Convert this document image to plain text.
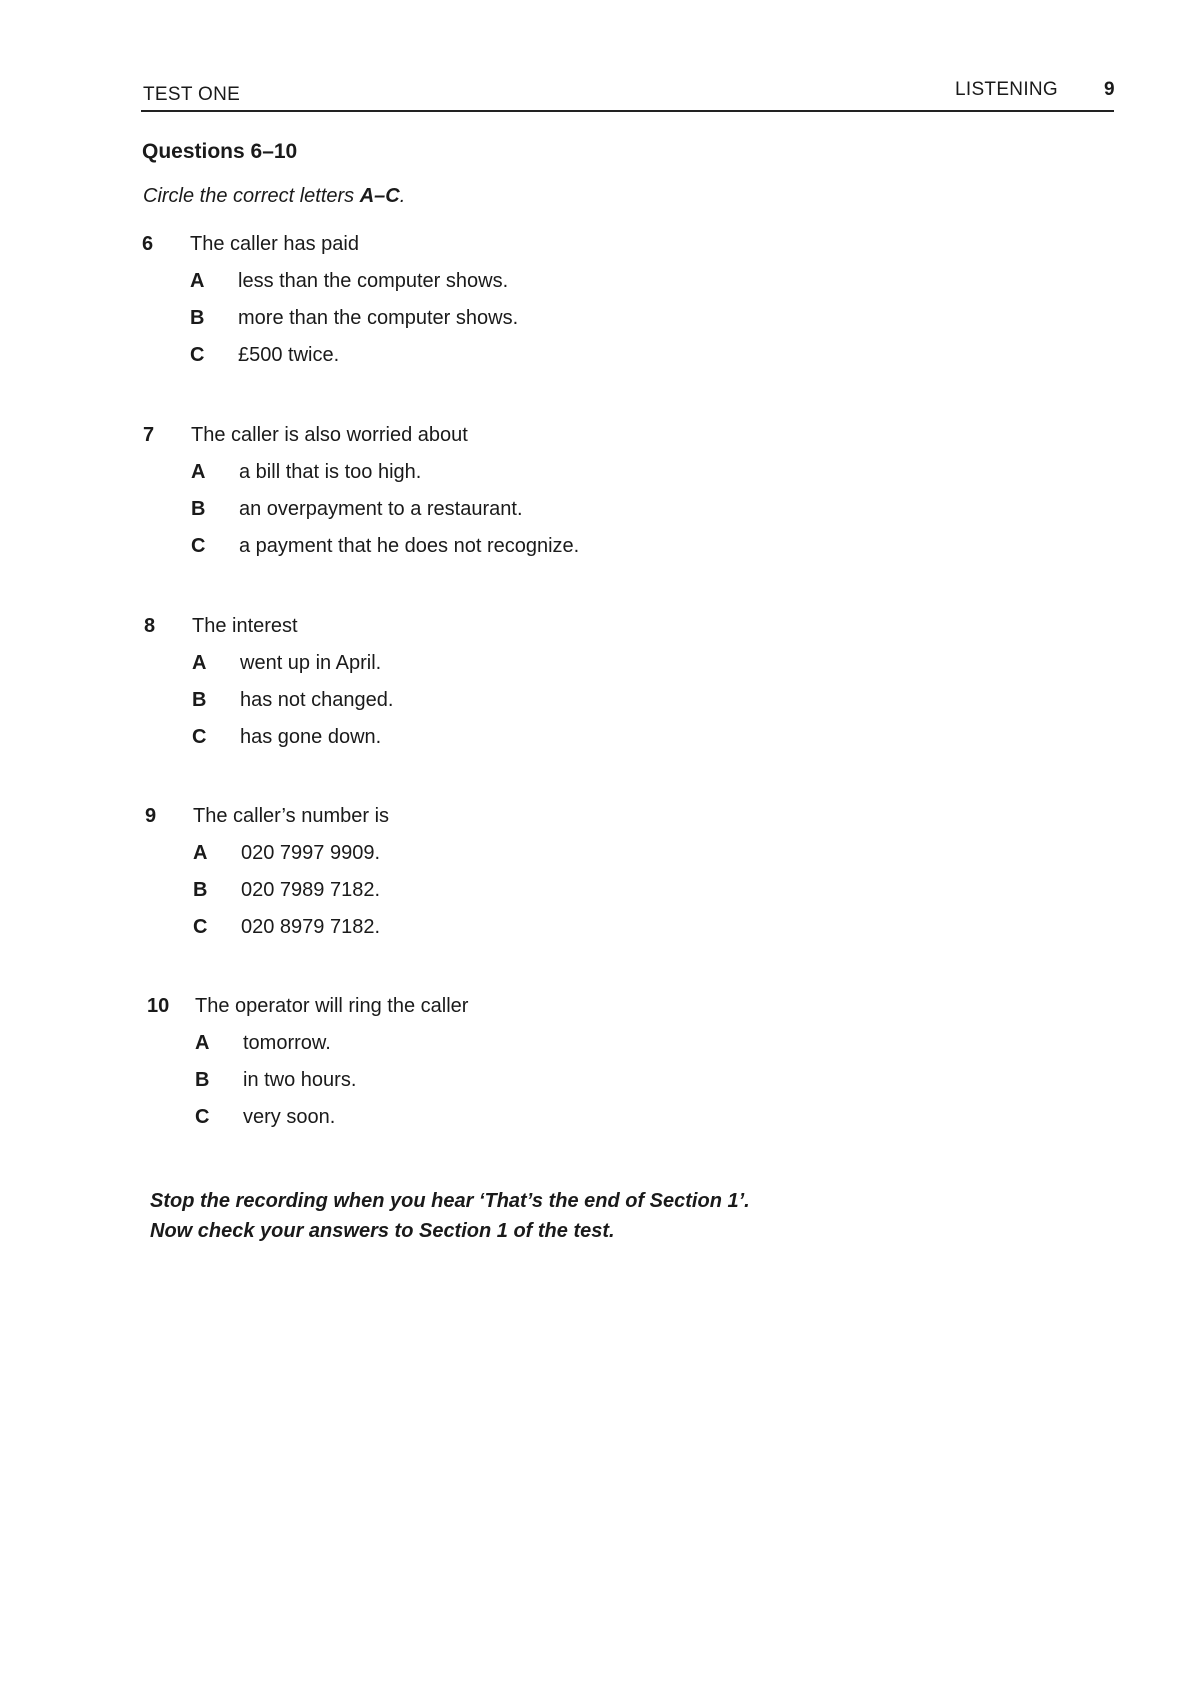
TEST ONE	LISTENING 9
Questions 6–10
Circle the correct letters A–C.
6	The caller has paid
A	less than the computer shows.
B	more than the computer shows.
C	£500 twice.
7	The caller is also worried about
A	a bill that is too high.
B	an overpayment to a restaurant.
C	a payment that he does not recognize.
8	The interest
A	went up in April.
B	has not changed.
C	has gone down.
9	The caller’s number is
A	020 7997 9909.
B	020 7989 7182.
C	020 8979 7182.
10	The operator will ring the caller
A	tomorrow.
B	in two hours.
C	very soon.
Stop the recording when you hear ‘That’s the end of Section 1’.
Now check your answers to Section 1 of the test.
